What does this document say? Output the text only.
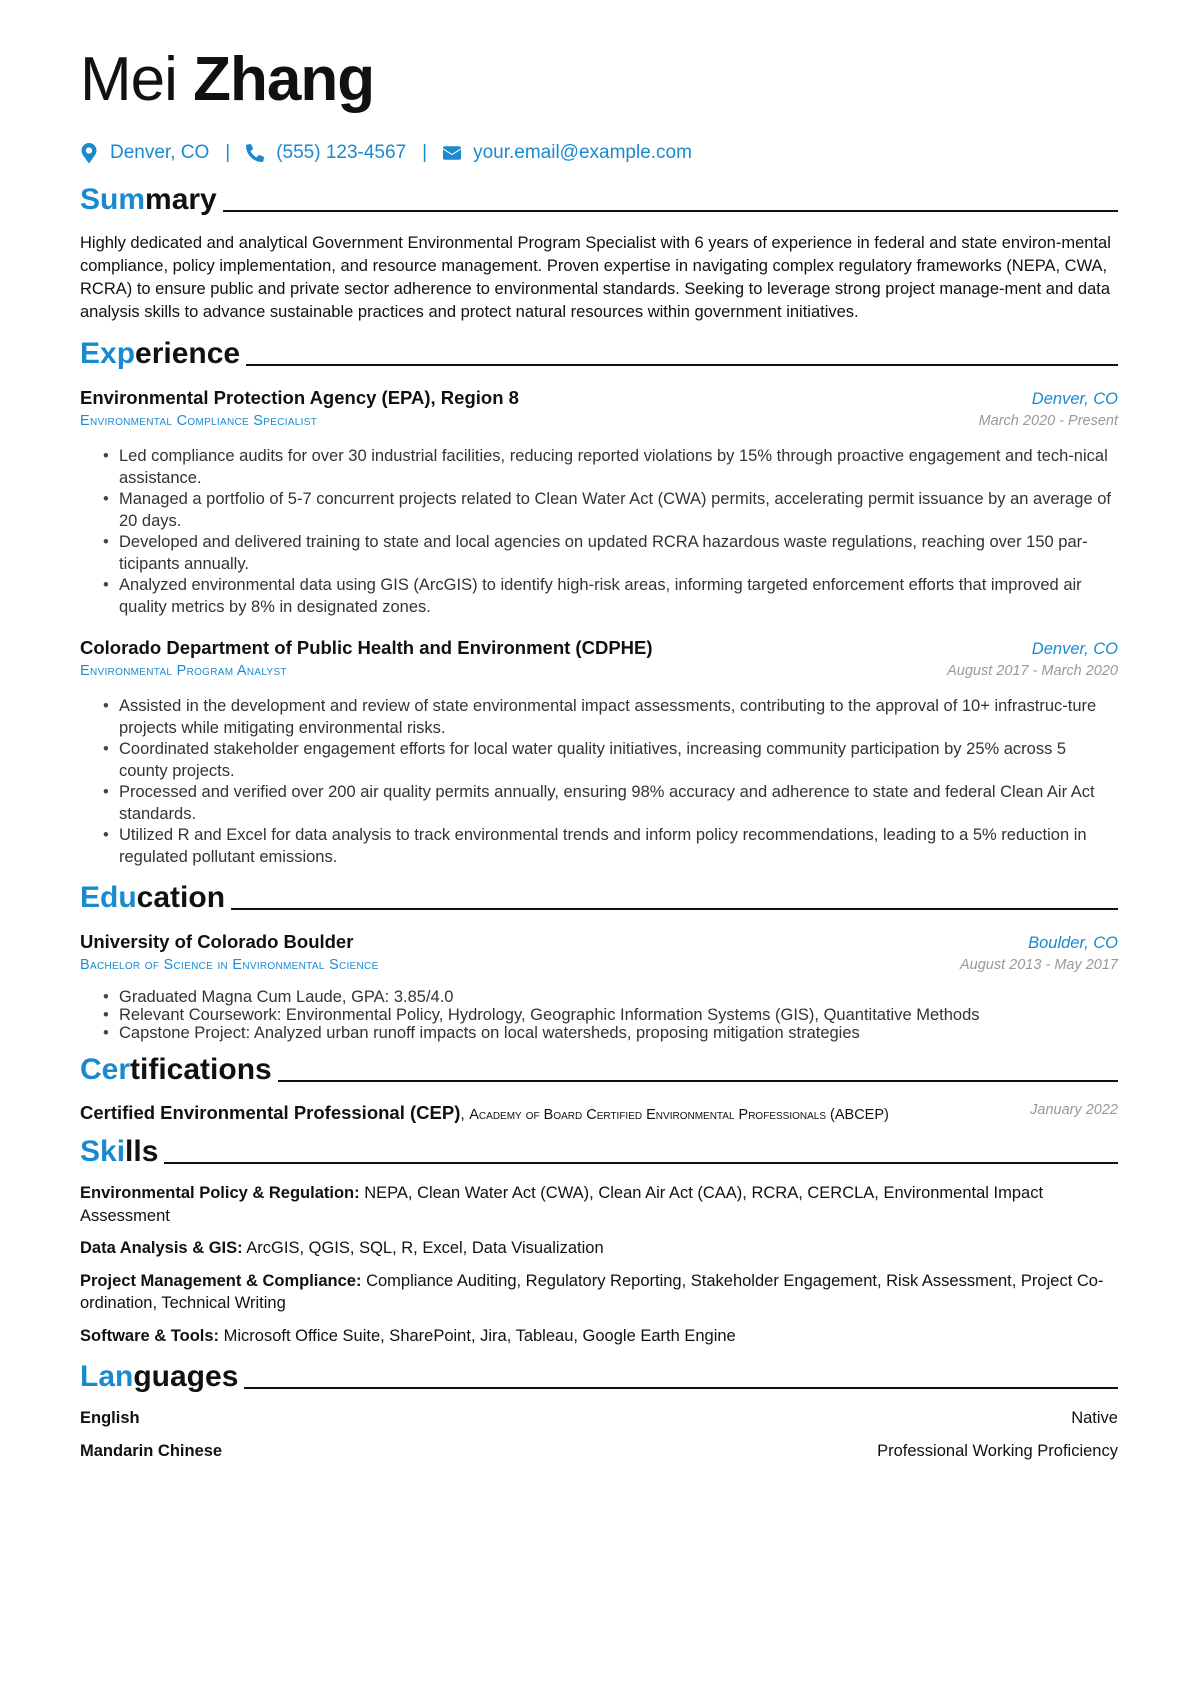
Mei Zhang
Denver, CO | (555) 123-4567 | your.email@example.com
Summary
Highly dedicated and analytical Government Environmental Program Specialist with 6 years of experience in federal and state environ-mental compliance, policy implementation, and resource management. Proven expertise in navigating complex regulatory frameworks (NEPA, CWA, RCRA) to ensure public and private sector adherence to environmental standards. Seeking to leverage strong project manage-ment and data analysis skills to advance sustainable practices and protect natural resources within government initiatives.
Experience
Environmental Protection Agency (EPA), Region 8	Denver, CO
Environmental Compliance Specialist	March 2020 - Present
• Led compliance audits for over 30 industrial facilities, reducing reported violations by 15% through proactive engagement and tech-nical assistance.
• Managed a portfolio of 5-7 concurrent projects related to Clean Water Act (CWA) permits, accelerating permit issuance by an average of 20 days.
• Developed and delivered training to state and local agencies on updated RCRA hazardous waste regulations, reaching over 150 par-ticipants annually.
• Analyzed environmental data using GIS (ArcGIS) to identify high-risk areas, informing targeted enforcement efforts that improved air quality metrics by 8% in designated zones.
Colorado Department of Public Health and Environment (CDPHE)	Denver, CO
Environmental Program Analyst	August 2017 - March 2020
• Assisted in the development and review of state environmental impact assessments, contributing to the approval of 10+ infrastruc-ture projects while mitigating environmental risks.
• Coordinated stakeholder engagement efforts for local water quality initiatives, increasing community participation by 25% across 5 county projects.
• Processed and verified over 200 air quality permits annually, ensuring 98% accuracy and adherence to state and federal Clean Air Act standards.
• Utilized R and Excel for data analysis to track environmental trends and inform policy recommendations, leading to a 5% reduction in regulated pollutant emissions.
Education
University of Colorado Boulder	Boulder, CO
Bachelor of Science in Environmental Science	August 2013 - May 2017
• Graduated Magna Cum Laude, GPA: 3.85/4.0
• Relevant Coursework: Environmental Policy, Hydrology, Geographic Information Systems (GIS), Quantitative Methods
• Capstone Project: Analyzed urban runoff impacts on local watersheds, proposing mitigation strategies
Certifications
Certified Environmental Professional (CEP), Academy of Board Certified Environmental Professionals (ABCEP)	January 2022
Skills
Environmental Policy & Regulation: NEPA, Clean Water Act (CWA), Clean Air Act (CAA), RCRA, CERCLA, Environmental Impact Assessment
Data Analysis & GIS: ArcGIS, QGIS, SQL, R, Excel, Data Visualization
Project Management & Compliance: Compliance Auditing, Regulatory Reporting, Stakeholder Engagement, Risk Assessment, Project Co-ordination, Technical Writing
Software & Tools: Microsoft Office Suite, SharePoint, Jira, Tableau, Google Earth Engine
Languages
English	Native
Mandarin Chinese	Professional Working Proficiency
